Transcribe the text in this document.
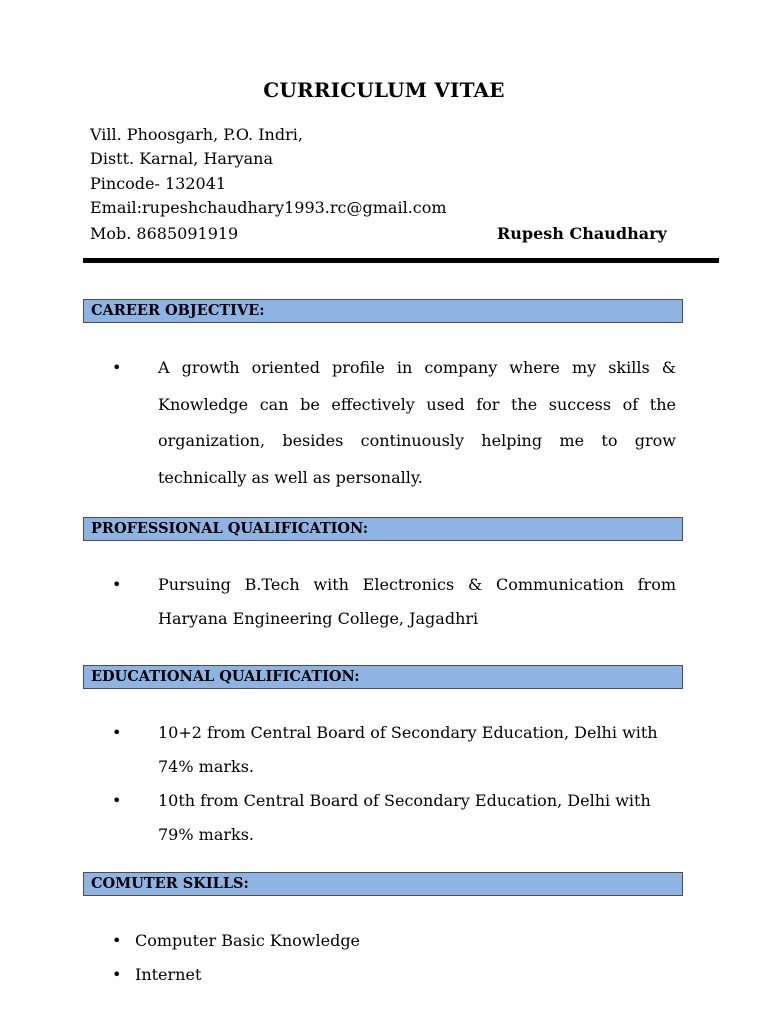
CURRICULUM VITAE
Vill. Phoosgarh, P.O. Indri,
Distt. Karnal, Haryana
Pincode- 132041
Email:rupeshchaudhary1993.rc@gmail.com
Mob. 8685091919	Rupesh Chaudhary
CAREER OBJECTIVE:
• A growth oriented profile in company where my skills & Knowledge can be effectively used for the success of the organization, besides continuously helping me to grow technically as well as personally.
PROFESSIONAL QUALIFICATION:
• Pursuing B.Tech with Electronics & Communication from Haryana Engineering College, Jagadhri
EDUCATIONAL QUALIFICATION:
• 10+2 from Central Board of Secondary Education, Delhi with 74% marks.
• 10th from Central Board of Secondary Education, Delhi with 79% marks.
COMUTER SKILLS:
• Computer Basic Knowledge
• Internet
